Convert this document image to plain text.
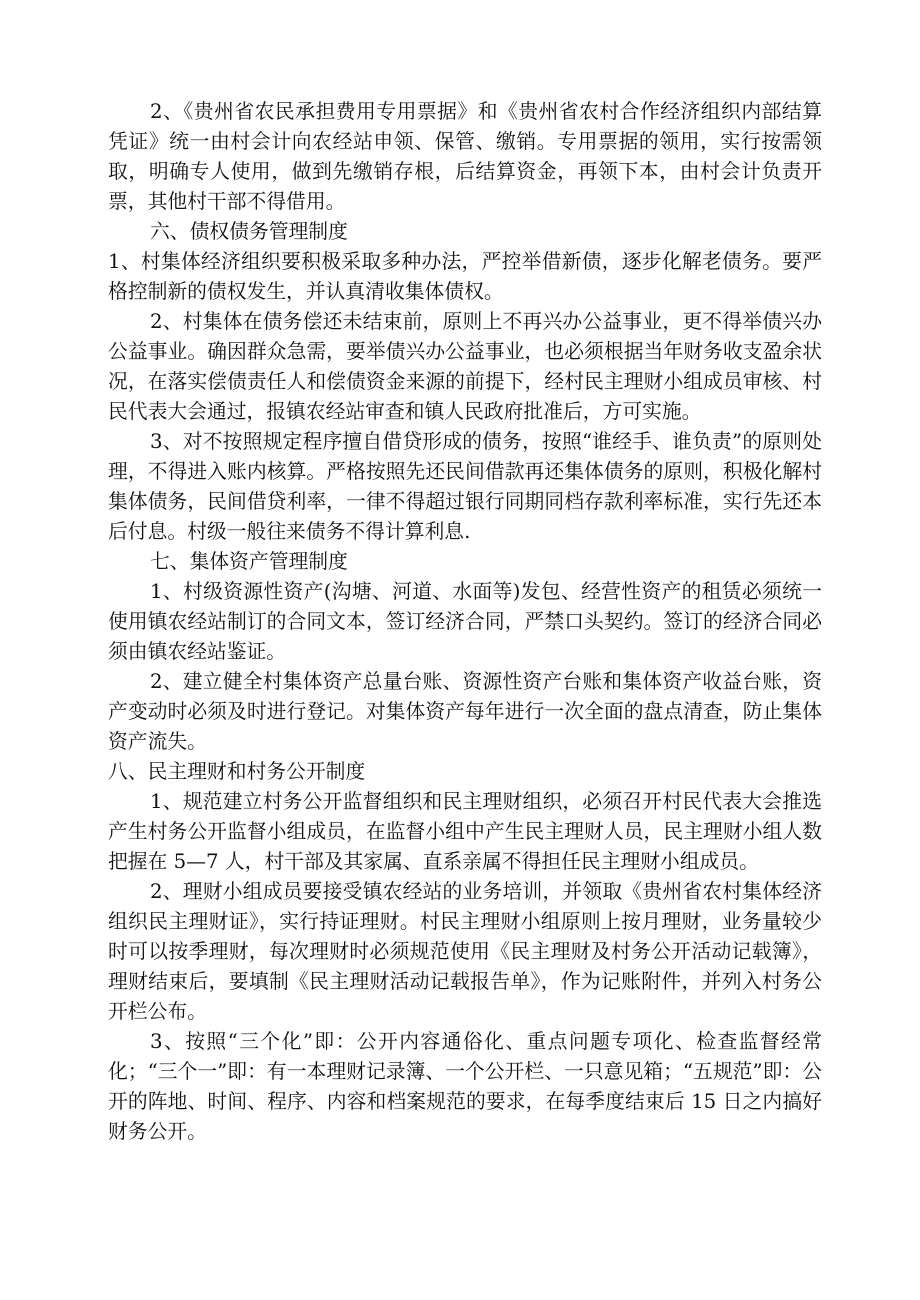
2、《贵州省农民承担费用专用票据》和《贵州省农村合作经济组织内部结算凭证》统一由村会计向农经站申领、保管、缴销。专用票据的领用，实行按需领取，明确专人使用，做到先缴销存根，后结算资金，再领下本，由村会计负责开票，其他村干部不得借用。

六、债权债务管理制度

1、村集体经济组织要积极采取多种办法，严控举借新债，逐步化解老债务。要严格控制新的债权发生，并认真清收集体债权。

2、村集体在债务偿还未结束前，原则上不再兴办公益事业，更不得举债兴办公益事业。确因群众急需，要举债兴办公益事业，也必须根据当年财务收支盈余状况，在落实偿债责任人和偿债资金来源的前提下，经村民主理财小组成员审核、村民代表大会通过，报镇农经站审查和镇人民政府批准后，方可实施。

3、对不按照规定程序擅自借贷形成的债务，按照“谁经手、谁负责”的原则处理，不得进入账内核算。严格按照先还民间借款再还集体债务的原则，积极化解村集体债务，民间借贷利率，一律不得超过银行同期同档存款利率标准，实行先还本后付息。村级一般往来债务不得计算利息.

七、集体资产管理制度

1、村级资源性资产(沟塘、河道、水面等)发包、经营性资产的租赁必须统一使用镇农经站制订的合同文本，签订经济合同，严禁口头契约。签订的经济合同必须由镇农经站鉴证。

2、建立健全村集体资产总量台账、资源性资产台账和集体资产收益台账，资产变动时必须及时进行登记。对集体资产每年进行一次全面的盘点清查，防止集体资产流失。

八、民主理财和村务公开制度

1、规范建立村务公开监督组织和民主理财组织，必须召开村民代表大会推选产生村务公开监督小组成员，在监督小组中产生民主理财人员，民主理财小组人数把握在 5—7 人，村干部及其家属、直系亲属不得担任民主理财小组成员。

2、理财小组成员要接受镇农经站的业务培训，并领取《贵州省农村集体经济组织民主理财证》，实行持证理财。村民主理财小组原则上按月理财，业务量较少时可以按季理财，每次理财时必须规范使用《民主理财及村务公开活动记载簿》，理财结束后，要填制《民主理财活动记载报告单》，作为记账附件，并列入村务公开栏公布。

3、按照“三个化”即：公开内容通俗化、重点问题专项化、检查监督经常化；“三个一”即：有一本理财记录簿、一个公开栏、一只意见箱；“五规范”即：公开的阵地、时间、程序、内容和档案规范的要求，在每季度结束后 15 日之内搞好财务公开。
